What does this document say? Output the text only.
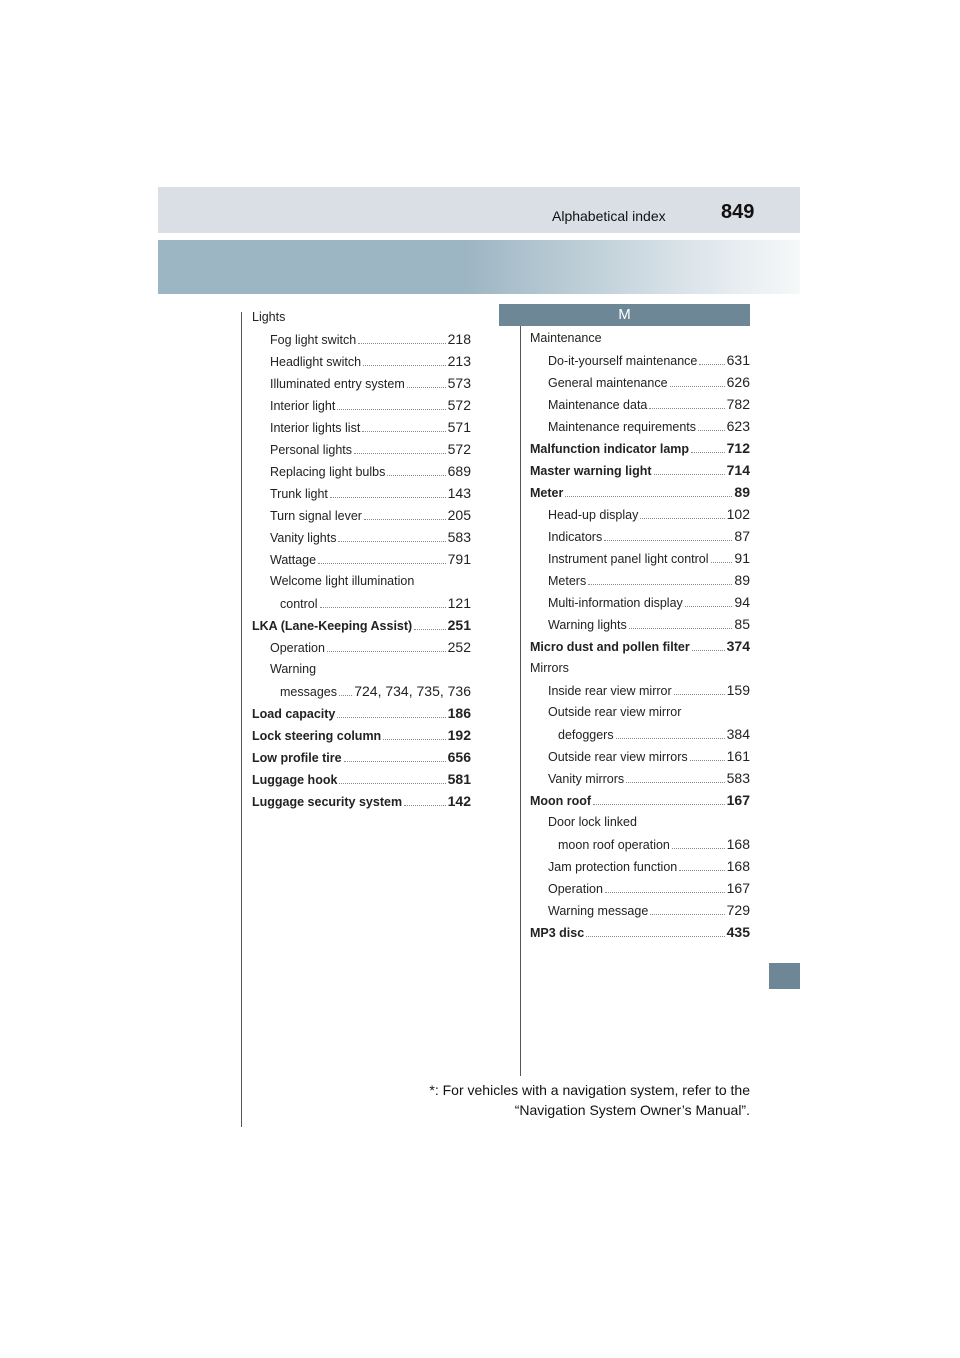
Alphabetical index	849
Lights
Fog light switch	218
Headlight switch	213
Illuminated entry system	573
Interior light	572
Interior lights list	571
Personal lights	572
Replacing light bulbs	689
Trunk light	143
Turn signal lever	205
Vanity lights	583
Wattage	791
Welcome light illumination
control	121
LKA (Lane-Keeping Assist)	251
Operation	252
Warning
messages 724, 734, 735, 736
Load capacity	186
Lock steering column	192
Low profile tire	656
Luggage hook	581
Luggage security system	142
M
Maintenance
Do-it-yourself maintenance 631
General maintenance	626
Maintenance data	782
Maintenance requirements 623
Malfunction indicator lamp	712
Master warning light	714
Meter	89
Head-up display	102
Indicators	87
Instrument panel light control 91
Meters	89
Multi-information display	94
Warning lights	85
Micro dust and pollen filter	374
Mirrors
Inside rear view mirror	159
Outside rear view mirror
defoggers	384
Outside rear view mirrors	161
Vanity mirrors	583
Moon roof	167
Door lock linked
moon roof operation	168
Jam protection function	168
Operation	167
Warning message	729
MP3 disc	435
*: For vehicles with a navigation system, refer to the
“Navigation System Owner’s Manual”.
